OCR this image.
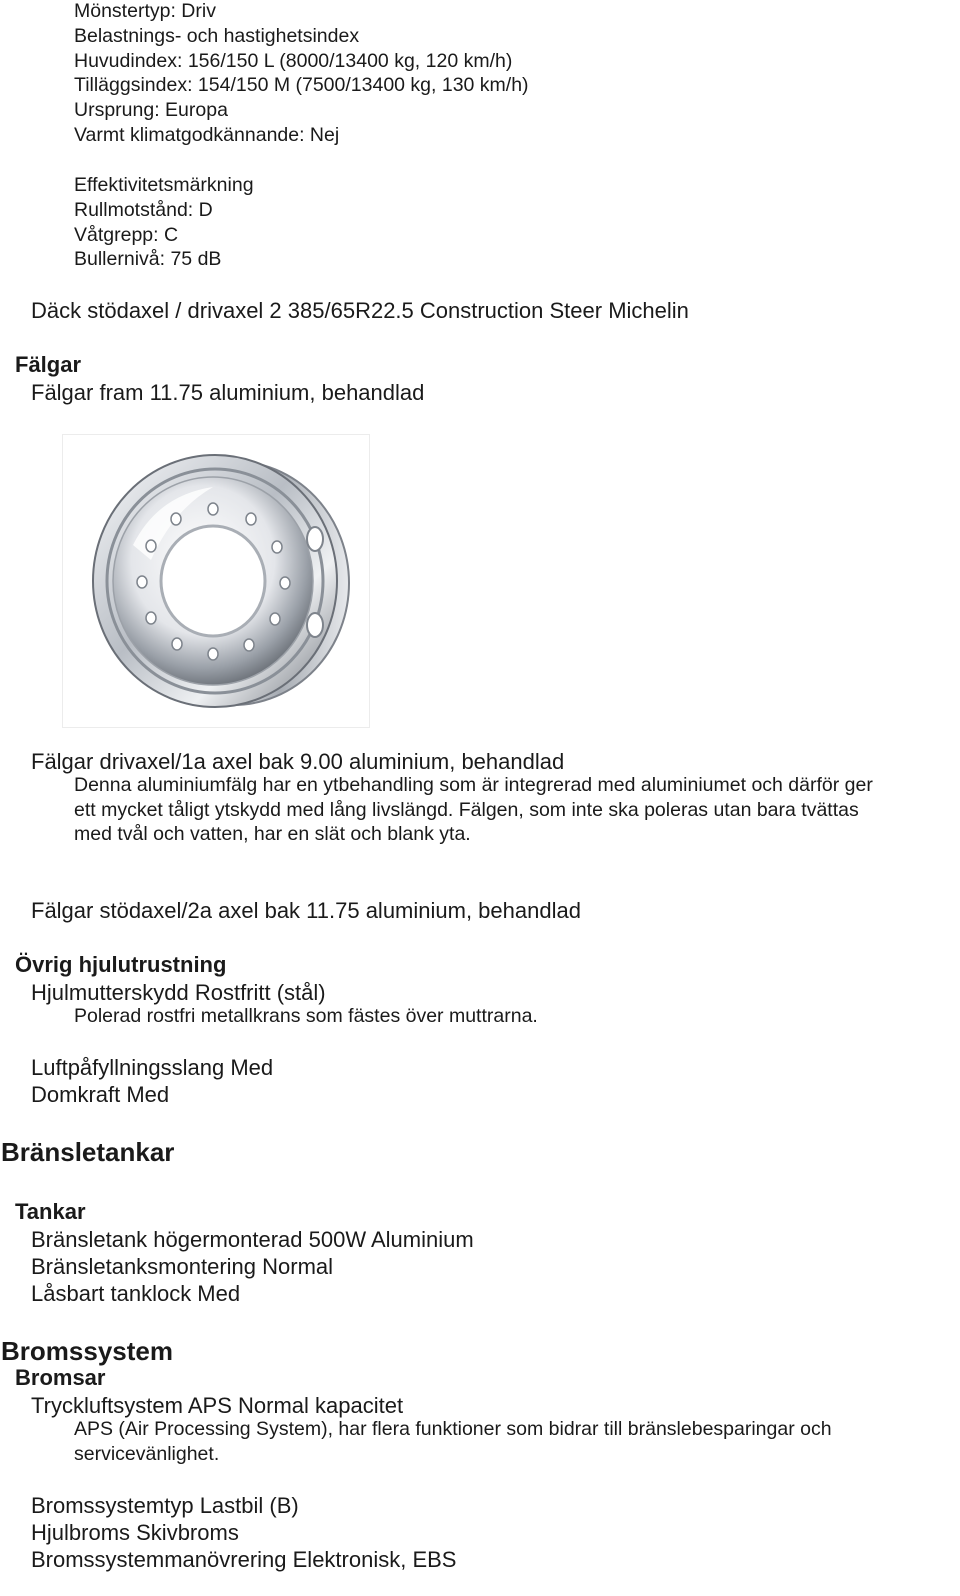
Mönstertyp: Driv
Belastnings- och hastighetsindex
Huvudindex: 156/150 L (8000/13400 kg, 120 km/h)
Tilläggsindex: 154/150 M (7500/13400 kg, 130 km/h)
Ursprung: Europa
Varmt klimatgodkännande: Nej
Effektivitetsmärkning
Rullmotstånd: D
Våtgrepp: C
Bullernivå: 75 dB
Däck stödaxel / drivaxel 2 385/65R22.5 Construction Steer Michelin
Fälgar
Fälgar fram 11.75 aluminium, behandlad
Fälgar drivaxel/1a axel bak 9.00 aluminium, behandlad
Denna aluminiumfälg har en ytbehandling som är integrerad med aluminiumet och därför ger
ett mycket tåligt ytskydd med lång livslängd. Fälgen, som inte ska poleras utan bara tvättas
med tvål och vatten, har en slät och blank yta.
Fälgar stödaxel/2a axel bak 11.75 aluminium, behandlad
Övrig hjulutrustning
Hjulmutterskydd Rostfritt (stål)
Polerad rostfri metallkrans som fästes över muttrarna.
Luftpåfyllningsslang Med
Domkraft Med
Bränsletankar
Tankar
Bränsletank högermonterad 500W Aluminium
Bränsletanksmontering Normal
Låsbart tanklock Med
Bromssystem
Bromsar
Tryckluftsystem APS Normal kapacitet
APS (Air Processing System), har flera funktioner som bidrar till bränslebesparingar och
servicevänlighet.
Bromssystemtyp Lastbil (B)
Hjulbroms Skivbroms
Bromssystemmanövrering Elektronisk, EBS
